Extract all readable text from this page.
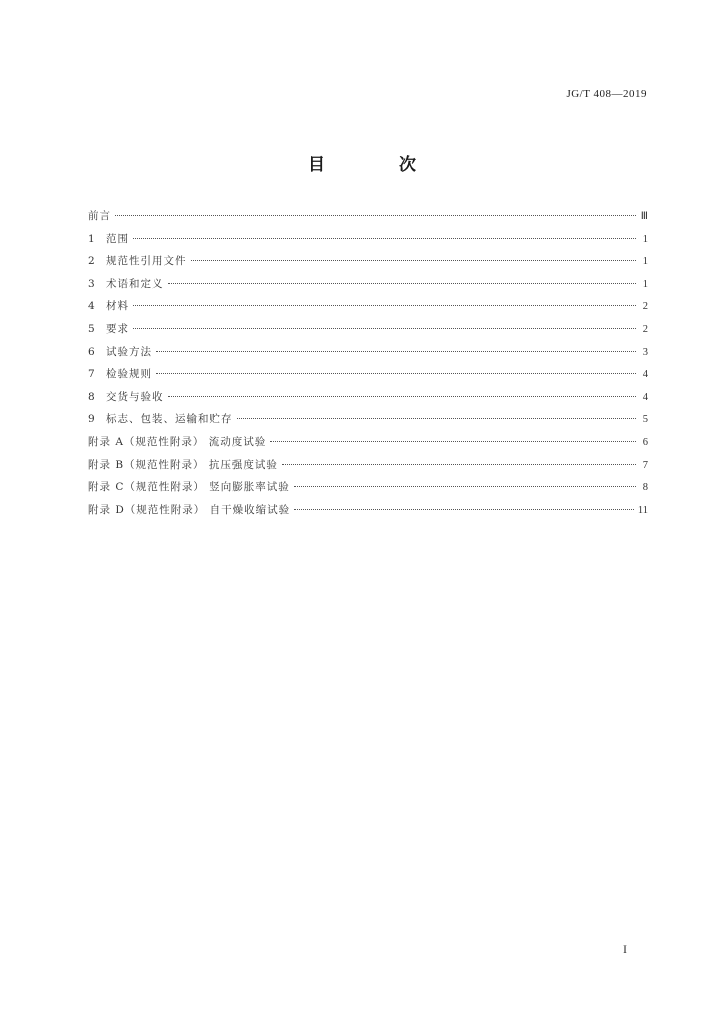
JG/T 408—2019
目 次
前言	Ⅲ
1	范围	1
2	规范性引用文件	1
3	术语和定义	1
4	材料	2
5	要求	2
6	试验方法	3
7	检验规则	4
8	交货与验收	4
9	标志、包装、运输和贮存	5
附录 A（规范性附录） 流动度试验	6
附录 B（规范性附录） 抗压强度试验	7
附录 C（规范性附录） 竖向膨胀率试验	8
附录 D（规范性附录） 自干燥收缩试验	11
I
